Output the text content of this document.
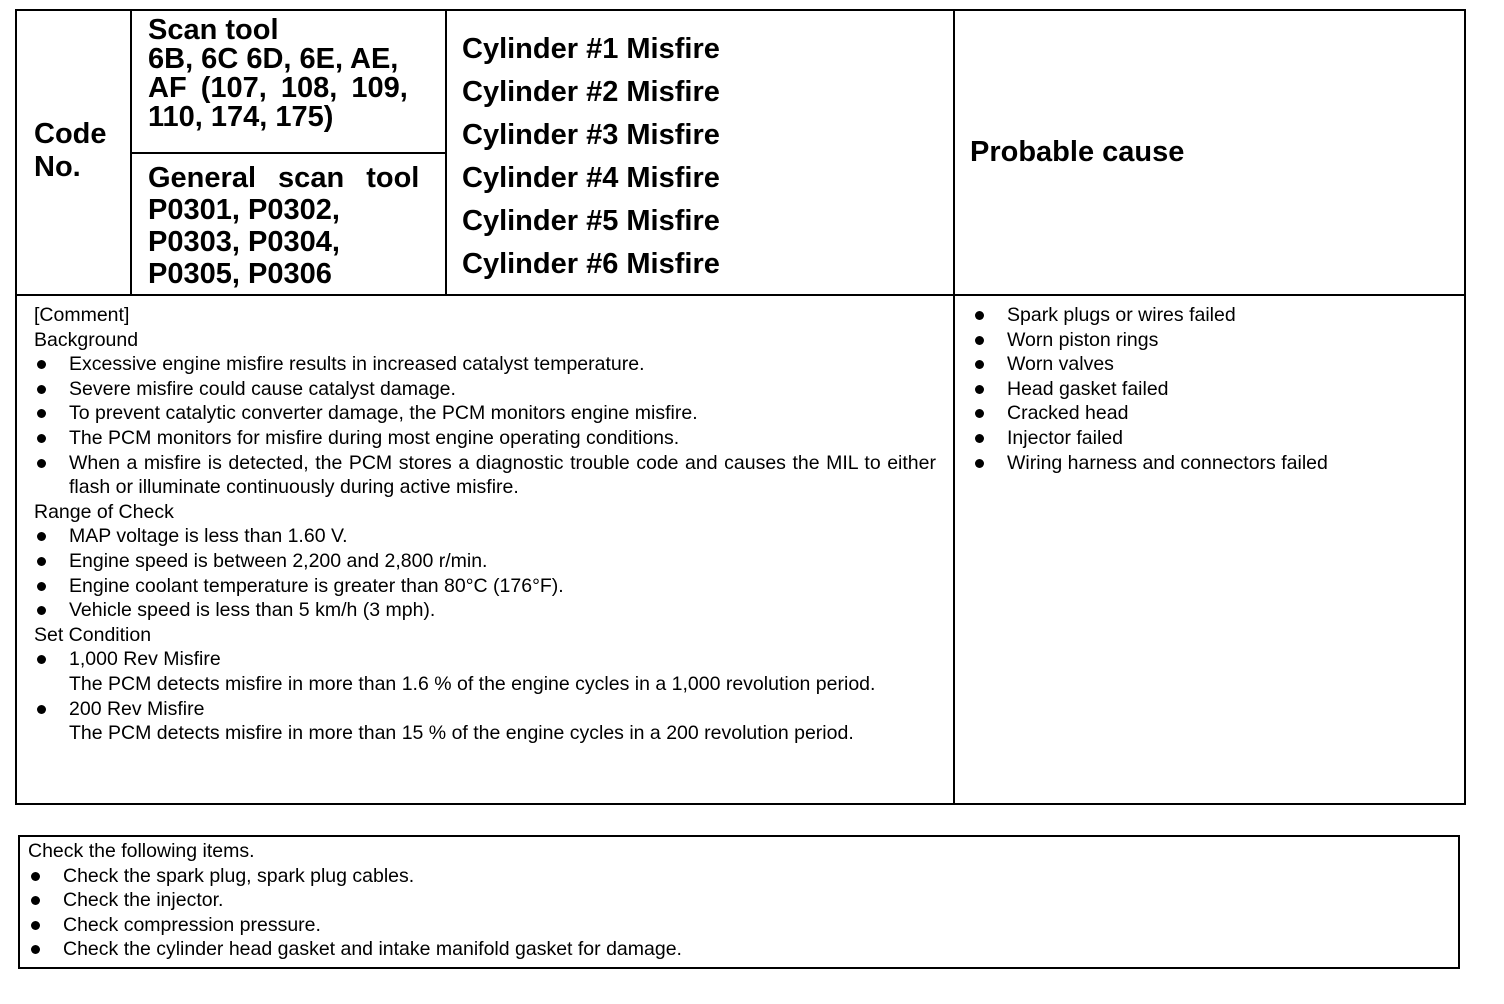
Code
No.
Scan tool
6B, 6C 6D, 6E, AE,
AF (107, 108, 109,
110, 174, 175)
General scan tool
P0301, P0302,
P0303, P0304,
P0305, P0306
Cylinder #1 Misfire
Cylinder #2 Misfire
Cylinder #3 Misfire
Cylinder #4 Misfire
Cylinder #5 Misfire
Cylinder #6 Misfire
Probable cause
[Comment]
Background
Excessive engine misfire results in increased catalyst temperature.
Severe misfire could cause catalyst damage.
To prevent catalytic converter damage, the PCM monitors engine misfire.
The PCM monitors for misfire during most engine operating conditions.
When a misfire is detected, the PCM stores a diagnostic trouble code and causes the MIL to either flash or illuminate continuously during active misfire.
Range of Check
MAP voltage is less than 1.60 V.
Engine speed is between 2,200 and 2,800 r/min.
Engine coolant temperature is greater than 80°C (176°F).
Vehicle speed is less than 5 km/h (3 mph).
Set Condition
1,000 Rev Misfire
The PCM detects misfire in more than 1.6 % of the engine cycles in a 1,000 revolution period.
200 Rev Misfire
The PCM detects misfire in more than 15 % of the engine cycles in a 200 revolution period.
Spark plugs or wires failed
Worn piston rings
Worn valves
Head gasket failed
Cracked head
Injector failed
Wiring harness and connectors failed
Check the following items.
Check the spark plug, spark plug cables.
Check the injector.
Check compression pressure.
Check the cylinder head gasket and intake manifold gasket for damage.
